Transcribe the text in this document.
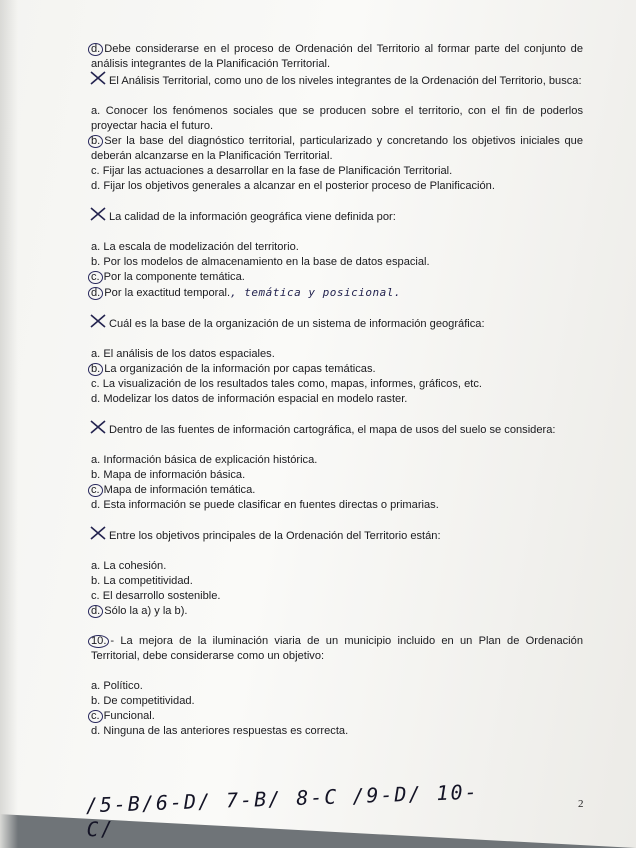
d. Debe considerarse en el proceso de Ordenación del Territorio al formar parte del conjunto de análisis integrantes de la Planificación Territorial.
El Análisis Territorial, como uno de los niveles integrantes de la Ordenación del Territorio, busca:
a. Conocer los fenómenos sociales que se producen sobre el territorio, con el fin de poderlos proyectar hacia el futuro.
b. Ser la base del diagnóstico territorial, particularizado y concretando los objetivos iniciales que deberán alcanzarse en la Planificación Territorial.
c. Fijar las actuaciones a desarrollar en la fase de Planificación Territorial.
d. Fijar los objetivos generales a alcanzar en el posterior proceso de Planificación.
La calidad de la información geográfica viene definida por:
a. La escala de modelización del territorio.
b. Por los modelos de almacenamiento en la base de datos espacial.
c. Por la componente temática.
d. Por la exactitud temporal., temática y posicional.
Cuál es la base de la organización de un sistema de información geográfica:
a. El análisis de los datos espaciales.
b. La organización de la información por capas temáticas.
c. La visualización de los resultados tales como, mapas, informes, gráficos, etc.
d. Modelizar los datos de información espacial en modelo raster.
Dentro de las fuentes de información cartográfica, el mapa de usos del suelo se considera:
a. Información básica de explicación histórica.
b. Mapa de información básica.
c. Mapa de información temática.
d. Esta información se puede clasificar en fuentes directas o primarias.
Entre los objetivos principales de la Ordenación del Territorio están:
a. La cohesión.
b. La competitividad.
c. El desarrollo sostenible.
d. Sólo la a) y la b).
10. - La mejora de la iluminación viaria de un municipio incluido en un Plan de Ordenación Territorial, debe considerarse como un objetivo:
a. Político.
b. De competitividad.
c. Funcional.
d. Ninguna de las anteriores respuestas es correcta.
/5-B/6-D/ 7-B/ 8-C /9-D/ 10-C/
2
